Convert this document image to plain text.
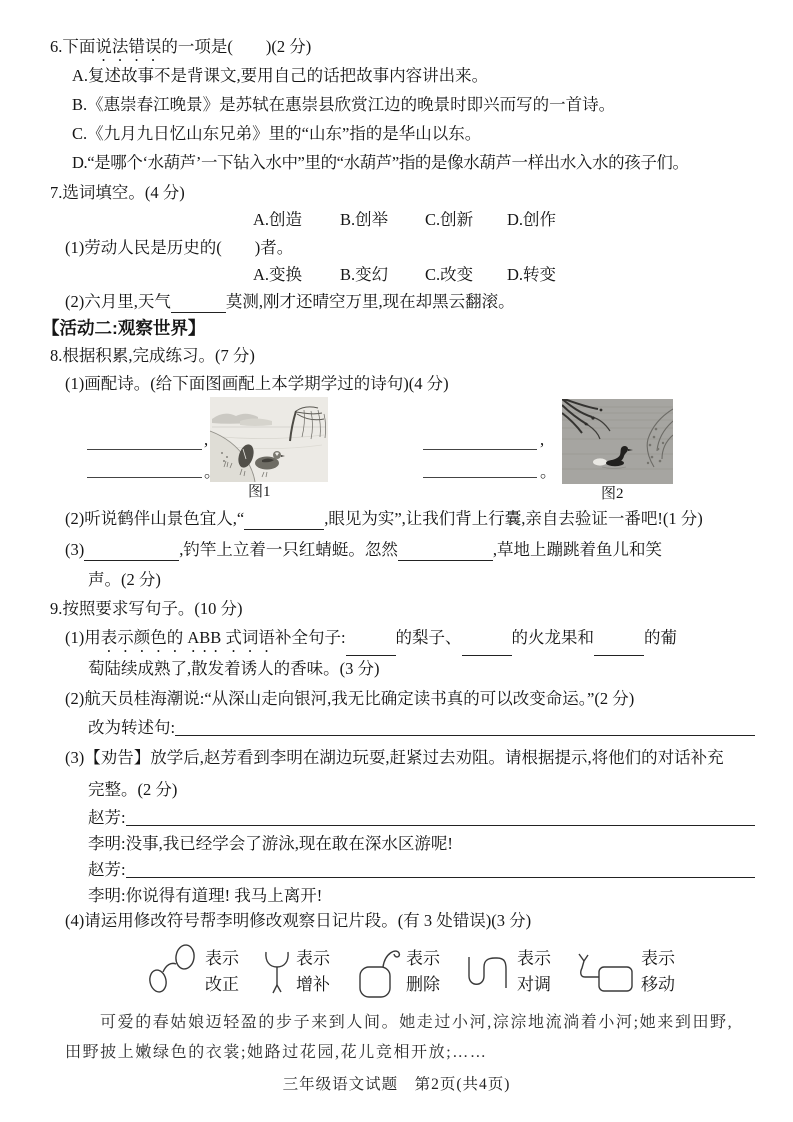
6.下面说法错误的一项是(　　)(2 分)
A.复述故事不是背课文,要用自己的话把故事内容讲出来。
B.《惠崇春江晚景》是苏轼在惠崇县欣赏江边的晚景时即兴而写的一首诗。
C.《九月九日忆山东兄弟》里的“山东”指的是华山以东。
D.“是哪个‘水葫芦’一下钻入水中”里的“水葫芦”指的是像水葫芦一样出水入水的孩子们。
7.选词填空。(4 分)
A.创造 B.创举 C.创新 D.创作
(1)劳动人民是历史的(　　)者。
A.变换 B.变幻 C.改变 D.转变
(2)六月里,天气	莫测,刚才还晴空万里,现在却黑云翻滚。
【活动二:观察世界】
8.根据积累,完成练习。(7 分)
(1)画配诗。(给下面图画配上本学期学过的诗句)(4 分)
,
。
,
。
图1	图2
(2)听说鹤伴山景色宜人,“	,眼见为实”,让我们背上行囊,亲自去验证一番吧!(1 分)
(3)	,钓竿上立着一只红蜻蜓。忽然	,草地上蹦跳着鱼儿和笑
声。(2 分)
9.按照要求写句子。(10 分)
(1)用表示颜色的 ABB 式词语补全句子:	的梨子、	的火龙果和	的葡
萄陆续成熟了,散发着诱人的香味。(3 分)
(2)航天员桂海潮说:“从深山走向银河,我无比确定读书真的可以改变命运。”(2 分)
改为转述句:
(3)【劝告】放学后,赵芳看到李明在湖边玩耍,赶紧过去劝阻。请根据提示,将他们的对话补充
完整。(2 分)
赵芳:
李明:没事,我已经学会了游泳,现在敢在深水区游呢!
赵芳:
李明:你说得有道理! 我马上离开!
(4)请运用修改符号帮李明修改观察日记片段。(有 3 处错误)(3 分)
表示
改正
表示
增补
表示
删除
表示
对调
表示
移动
可爱的春姑娘迈轻盈的步子来到人间。她走过小河,淙淙地流淌着小河;她来到田野,
田野披上嫩绿色的衣裳;她路过花园,花儿竞相开放;……
三年级语文试题　第2页(共4页)
